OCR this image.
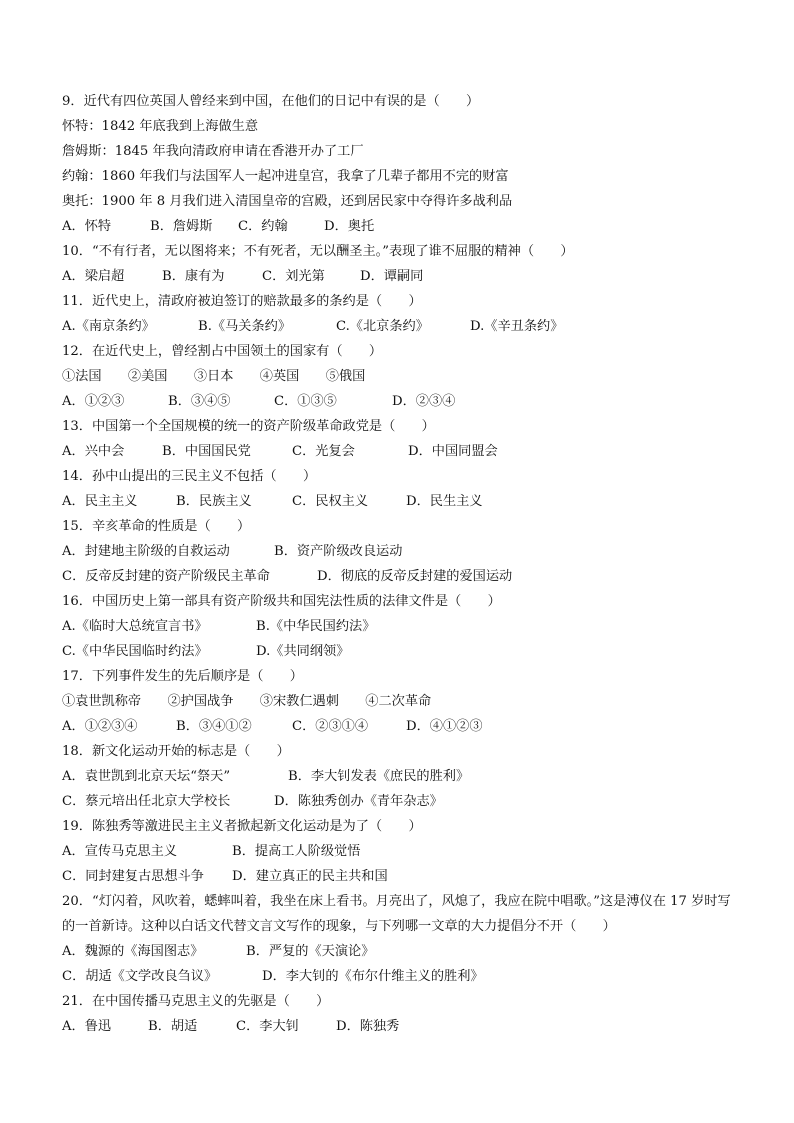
9．近代有四位英国人曾经来到中国，在他们的日记中有误的是（　　）
怀特：1842 年底我到上海做生意
詹姆斯：1845 年我向清政府申请在香港开办了工厂
约翰：1860 年我们与法国军人一起冲进皇宫，我拿了几辈子都用不完的财富
奥托：1900 年 8 月我们进入清国皇帝的宫殿，还到居民家中夺得许多战利品
A．怀特	B．詹姆斯 C．约翰	D．奥托
10．“不有行者，无以图将来；不有死者，无以酬圣主。”表现了谁不屈服的精神（　　）
A．梁启超	B．康有为	C．刘光第	D．谭嗣同
11．近代史上，清政府被迫签订的赔款最多的条约是（　　）
A.《南京条约》	B.《马关条约》	C.《北京条约》	D.《辛丑条约》
12．在近代史上，曾经割占中国领土的国家有（　　）
①法国　　②美国　　③日本　　④英国　　⑤俄国
A．①②③	B．③④⑤	C．①③⑤	D．②③④
13．中国第一个全国规模的统一的资产阶级革命政党是（　　）
A．兴中会	B．中国国民党	C．光复会	D．中国同盟会
14．孙中山提出的三民主义不包括（　　）
A．民主主义	B．民族主义	C．民权主义	D．民生主义
15．辛亥革命的性质是（　　）
A．封建地主阶级的自救运动	B．资产阶级改良运动
C．反帝反封建的资产阶级民主革命	D．彻底的反帝反封建的爱国运动
16．中国历史上第一部具有资产阶级共和国宪法性质的法律文件是（　　）
A.《临时大总统宣言书》	B.《中华民国约法》
C.《中华民国临时约法》	D.《共同纲领》
17．下列事件发生的先后顺序是（　　）
①袁世凯称帝　　②护国战争　　③宋教仁遇刺　　④二次革命
A．①②③④	B．③④①②	C．②③①④	D．④①②③
18．新文化运动开始的标志是（　　）
A．袁世凯到北京天坛“祭天”	B．李大钊发表《庶民的胜利》
C．蔡元培出任北京大学校长	D．陈独秀创办《青年杂志》
19．陈独秀等激进民主主义者掀起新文化运动是为了（　　）
A．宣传马克思主义	B．提高工人阶级觉悟
C．同封建复古思想斗争 D．建立真正的民主共和国
20．“灯闪着，风吹着，蟋蟀叫着，我坐在床上看书。月亮出了，风熄了，我应在院中唱歌。”这是溥仪在 17 岁时写的一首新诗。这种以白话文代替文言文写作的现象，与下列哪一文章的大力提倡分不开（　　）
A．魏源的《海国图志》	B．严复的《天演论》
C．胡适《文学改良刍议》	D．李大钊的《布尔什维主义的胜利》
21．在中国传播马克思主义的先驱是（　　）
A．鲁迅	B．胡适	C．李大钊	D．陈独秀
